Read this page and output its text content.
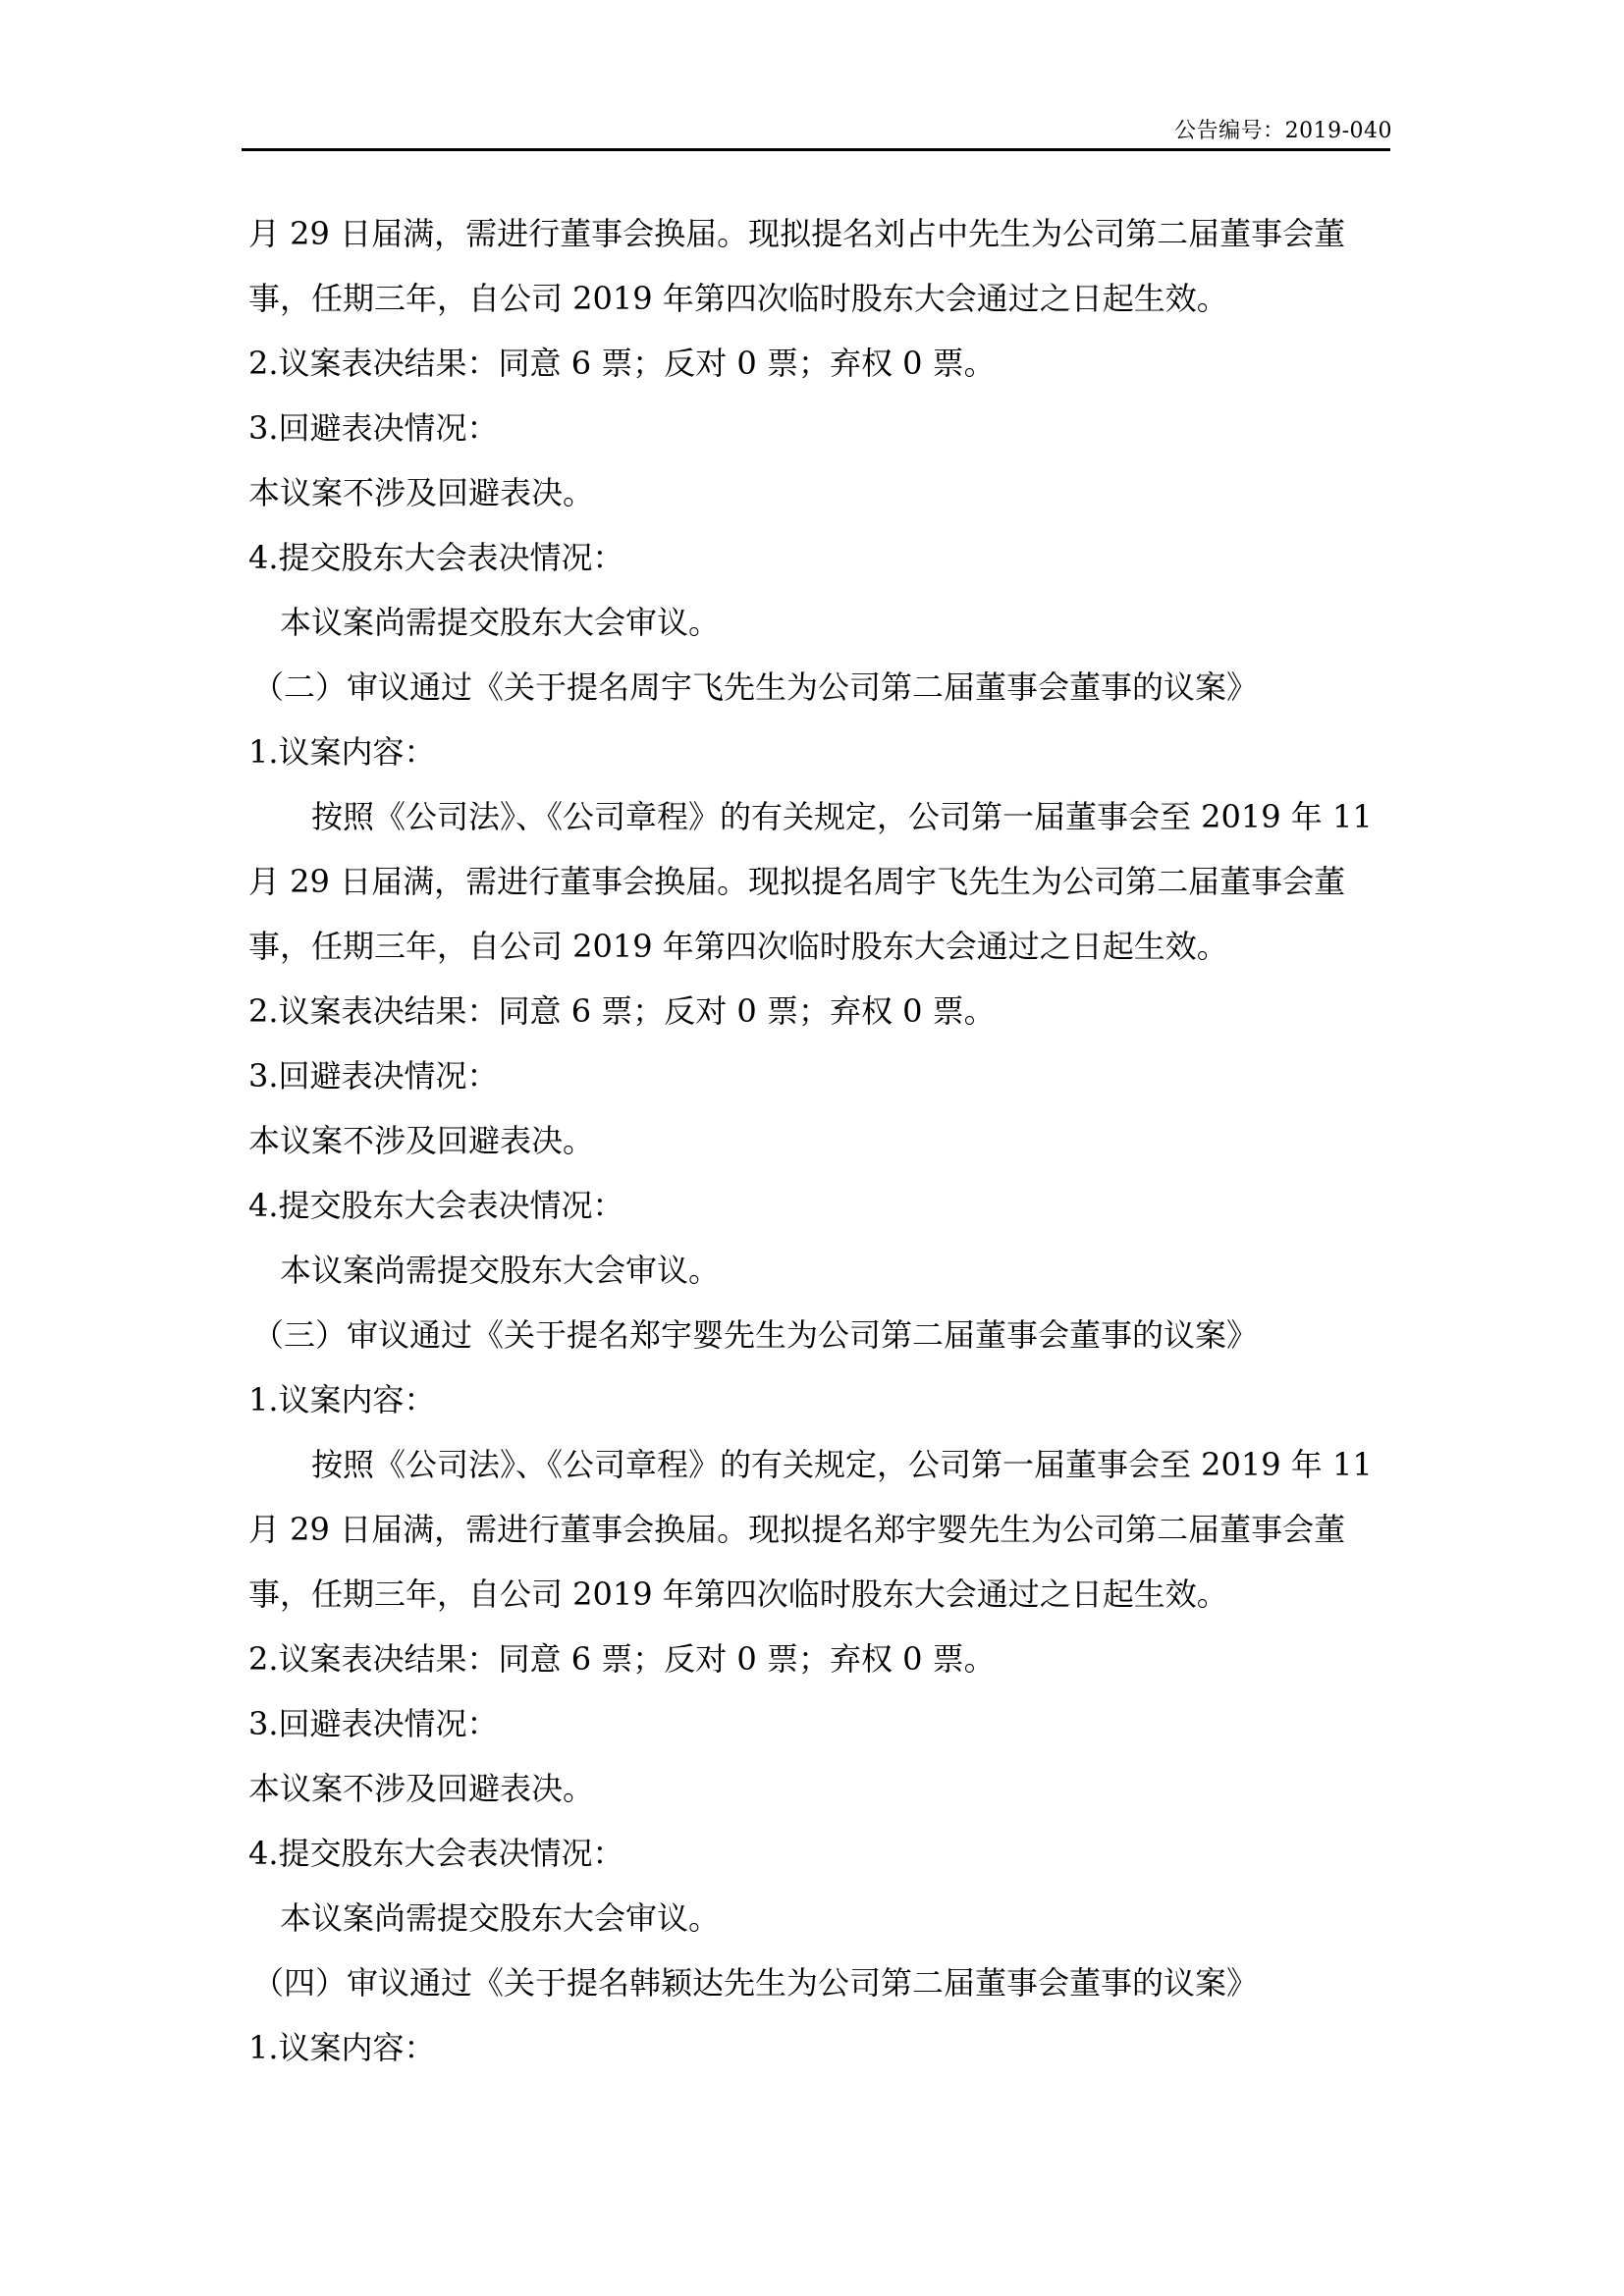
公告编号：2019-040
月 29 日届满，需进行董事会换届。现拟提名刘占中先生为公司第二届董事会董
事，任期三年，自公司 2019 年第四次临时股东大会通过之日起生效。
2.议案表决结果：同意 6 票；反对 0 票；弃权 0 票。
3.回避表决情况：
本议案不涉及回避表决。
4.提交股东大会表决情况：
本议案尚需提交股东大会审议。
（二）审议通过《关于提名周宇飞先生为公司第二届董事会董事的议案》
1.议案内容：
按照《公司法》、《公司章程》的有关规定，公司第一届董事会至 2019 年 11
月 29 日届满，需进行董事会换届。现拟提名周宇飞先生为公司第二届董事会董
事，任期三年，自公司 2019 年第四次临时股东大会通过之日起生效。
2.议案表决结果：同意 6 票；反对 0 票；弃权 0 票。
3.回避表决情况：
本议案不涉及回避表决。
4.提交股东大会表决情况：
本议案尚需提交股东大会审议。
（三）审议通过《关于提名郑宇婴先生为公司第二届董事会董事的议案》
1.议案内容：
按照《公司法》、《公司章程》的有关规定，公司第一届董事会至 2019 年 11
月 29 日届满，需进行董事会换届。现拟提名郑宇婴先生为公司第二届董事会董
事，任期三年，自公司 2019 年第四次临时股东大会通过之日起生效。
2.议案表决结果：同意 6 票；反对 0 票；弃权 0 票。
3.回避表决情况：
本议案不涉及回避表决。
4.提交股东大会表决情况：
本议案尚需提交股东大会审议。
（四）审议通过《关于提名韩颖达先生为公司第二届董事会董事的议案》
1.议案内容：
